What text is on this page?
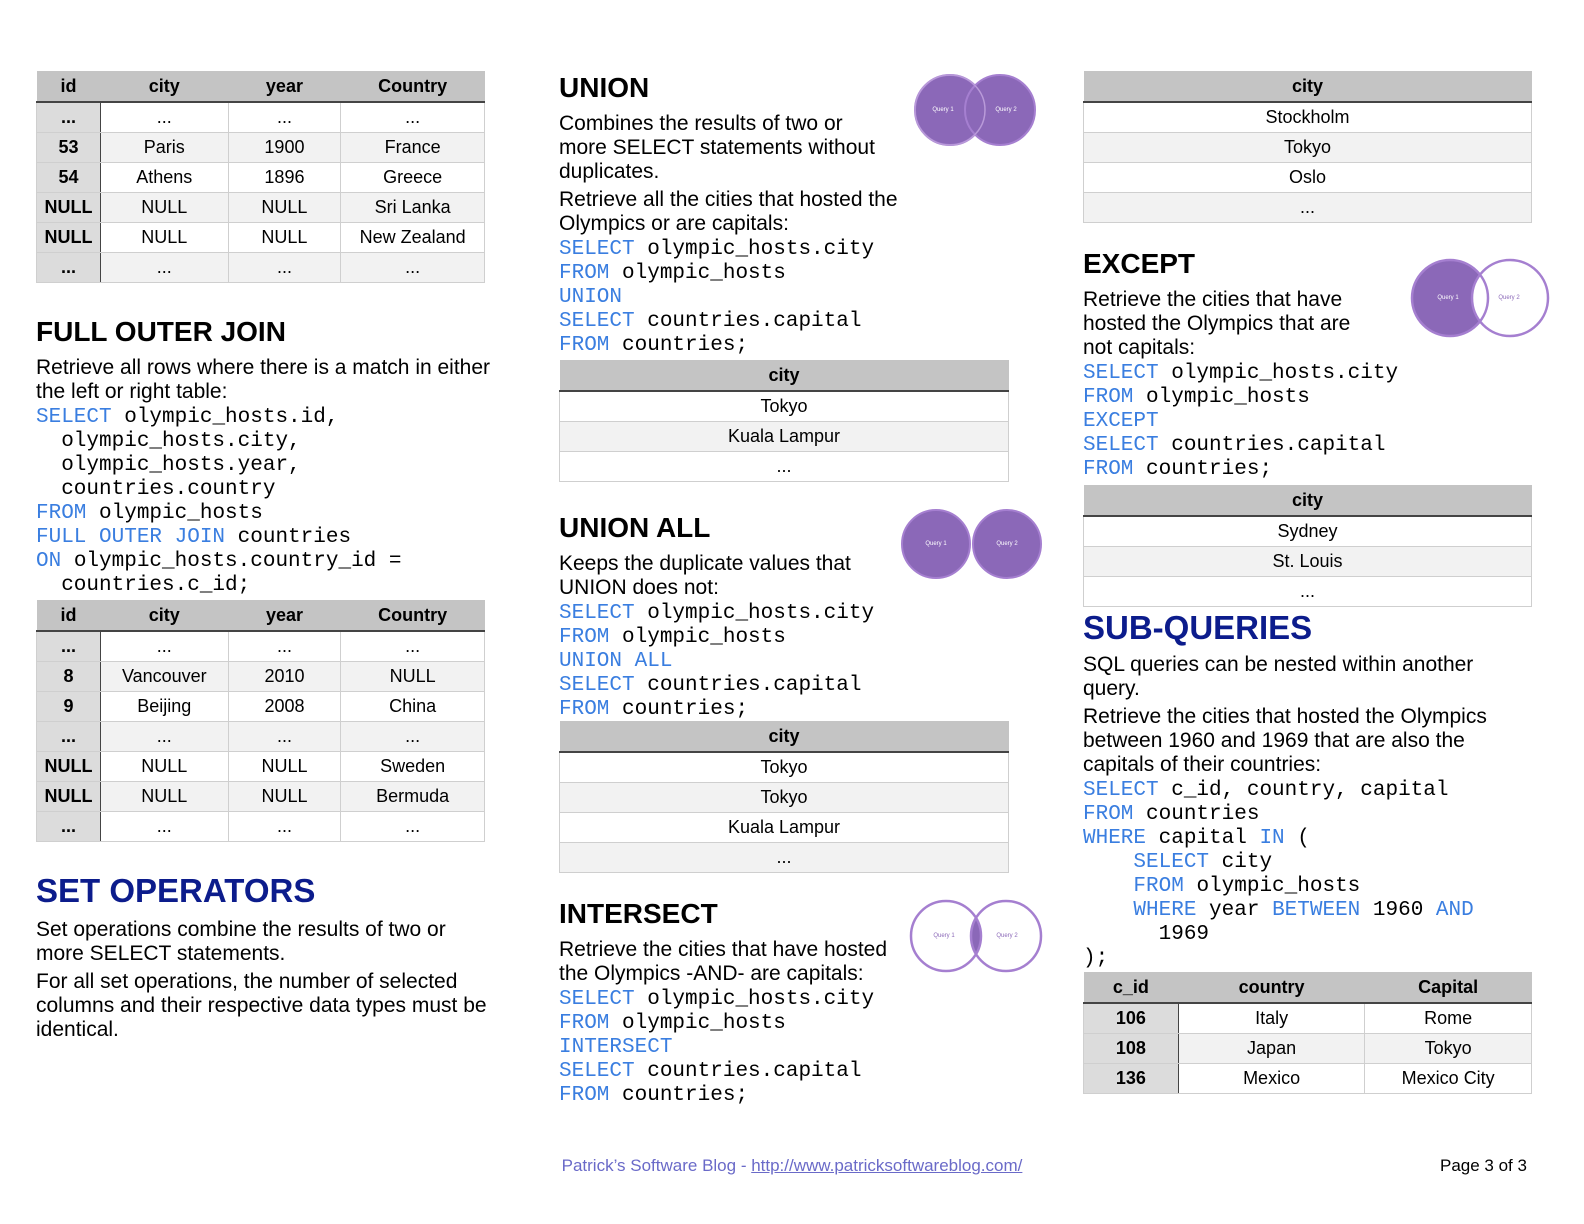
id	city	year	Country
...	...	...	...
53	Paris	1900	France
54	Athens	1896	Greece
NULL	NULL	NULL	Sri Lanka
NULL	NULL	NULL	New Zealand
...	...	...	...
FULL OUTER JOIN

Retrieve all rows where there is a match in either the left or right table:

SELECT olympic_hosts.id,
olympic_hosts.city,
olympic_hosts.year,
countries.country
FROM olympic_hosts
FULL OUTER JOIN countries
ON olympic_hosts.country_id =
countries.c_id;
id	city	year	Country
...	...	...	...
8	Vancouver	2010	NULL
9	Beijing	2008	China
...	...	...	...
NULL	NULL	NULL	Sweden
NULL	NULL	NULL	Bermuda
...	...	...	...
SET OPERATORS

Set operations combine the results of two or more SELECT statements.

For all set operations, the number of selected columns and their respective data types must be identical.

UNION

Combines the results of two or more SELECT statements without duplicates.

Retrieve all the cities that hosted the Olympics or are capitals:

SELECT olympic_hosts.city
FROM olympic_hosts
UNION
SELECT countries.capital
FROM countries;
Query 1	Query 2
city
Tokyo
Kuala Lampur
...
UNION ALL

Keeps the duplicate values that UNION does not:

SELECT olympic_hosts.city
FROM olympic_hosts
UNION ALL
SELECT countries.capital
FROM countries;
Query 1	Query 2
city
Tokyo
Tokyo
Kuala Lampur
...
INTERSECT

Retrieve the cities that have hosted the Olympics -AND- are capitals:

SELECT olympic_hosts.city
FROM olympic_hosts
INTERSECT
SELECT countries.capital
FROM countries;
Query 1	Query 2
city
Stockholm
Tokyo
Oslo
...
EXCEPT

Retrieve the cities that have hosted the Olympics that are not capitals:

SELECT olympic_hosts.city
FROM olympic_hosts
EXCEPT
SELECT countries.capital
FROM countries;
Query 1	Query 2
city
Sydney
St. Louis
...
SUB-QUERIES

SQL queries can be nested within another query.

Retrieve the cities that hosted the Olympics between 1960 and 1969 that are also the capitals of their countries:

SELECT c_id, country, capital
FROM countries
WHERE capital IN (
SELECT city
FROM olympic_hosts
WHERE year BETWEEN 1960 AND
1969
);
c_id	country	Capital
106	Italy	Rome
108	Japan	Tokyo
136	Mexico	Mexico City
Patrick’s Software Blog - http://www.patricksoftwareblog.com/	Page 3 of 3
